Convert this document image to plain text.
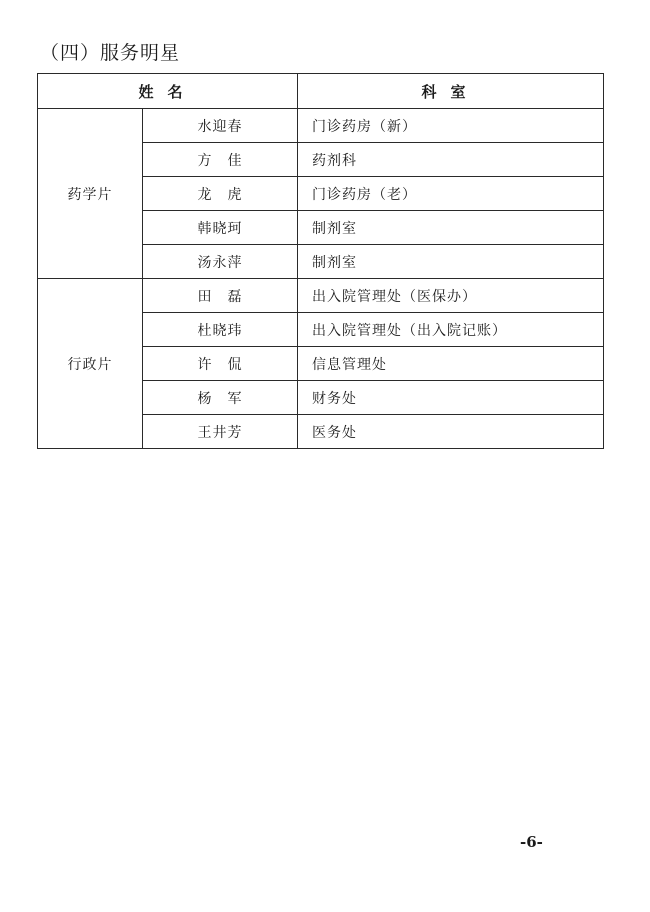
（四）服务明星
姓名		科室
药学片	水迎春	门诊药房（新）
	方　佳	药剂科
	龙　虎	门诊药房（老）
	韩晓珂	制剂室
	汤永萍	制剂室
行政片	田　磊	出入院管理处（医保办）
	杜晓玮	出入院管理处（出入院记账）
	许　侃	信息管理处
	杨　军	财务处
	王井芳	医务处
-6-
